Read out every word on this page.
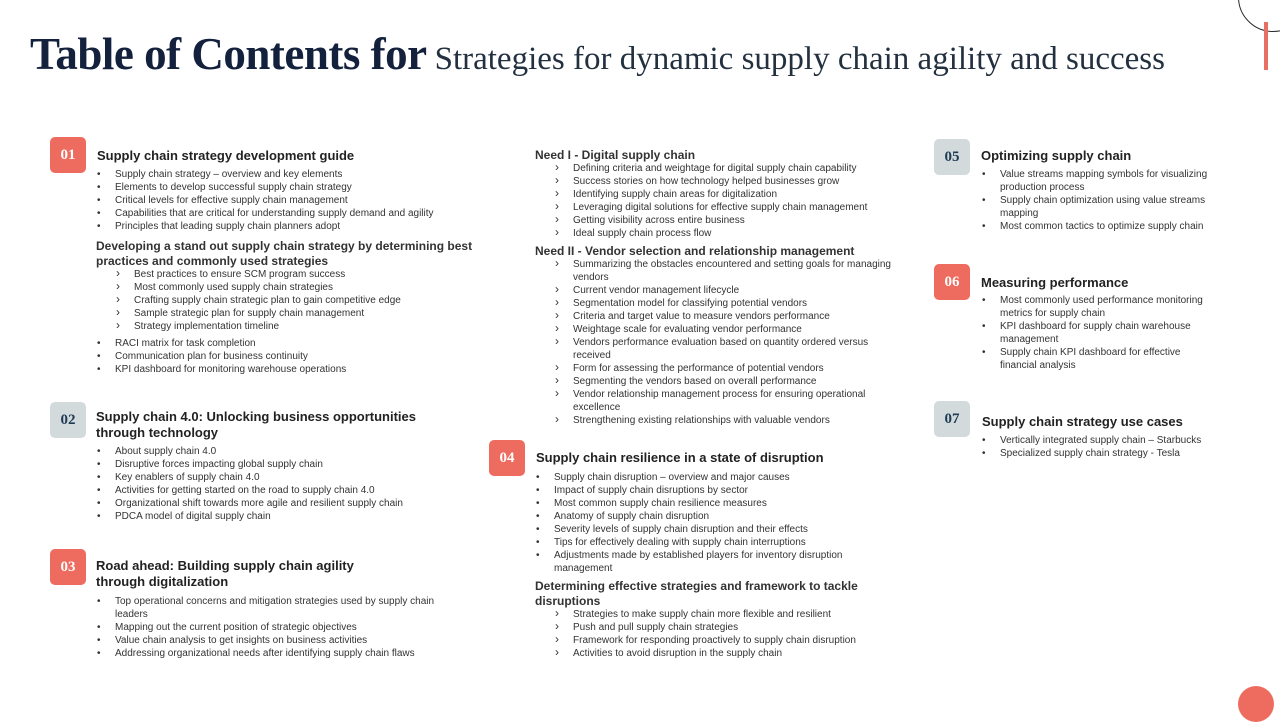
Table of Contents for Strategies for dynamic supply chain agility and success
01	Supply chain strategy development guide
• Supply chain strategy – overview and key elements
• Elements to develop successful supply chain strategy
• Critical levels for effective supply chain management
• Capabilities that are critical for understanding supply demand and agility
• Principles that leading supply chain planners adopt
Developing a stand out supply chain strategy by determining best practices and commonly used strategies
› Best practices to ensure SCM program success
› Most commonly used supply chain strategies
› Crafting supply chain strategic plan to gain competitive edge
› Sample strategic plan for supply chain management
› Strategy implementation timeline
• RACI matrix for task completion
• Communication plan for business continuity
• KPI dashboard for monitoring warehouse operations
02	Supply chain 4.0: Unlocking business opportunities through technology
• About supply chain 4.0
• Disruptive forces impacting global supply chain
• Key enablers of supply chain 4.0
• Activities for getting started on the road to supply chain 4.0
• Organizational shift towards more agile and resilient supply chain
• PDCA model of digital supply chain
03	Road ahead: Building supply chain agility through digitalization
• Top operational concerns and mitigation strategies used by supply chain leaders
• Mapping out the current position of strategic objectives
• Value chain analysis to get insights on business activities
• Addressing organizational needs after identifying supply chain flaws
Need I - Digital supply chain
› Defining criteria and weightage for digital supply chain capability
› Success stories on how technology helped businesses grow
› Identifying supply chain areas for digitalization
› Leveraging digital solutions for effective supply chain management
› Getting visibility across entire business
› Ideal supply chain process flow
Need II - Vendor selection and relationship management
› Summarizing the obstacles encountered and setting goals for managing vendors
› Current vendor management lifecycle
› Segmentation model for classifying potential vendors
› Criteria and target value to measure vendors performance
› Weightage scale for evaluating vendor performance
› Vendors performance evaluation based on quantity ordered versus received
› Form for assessing the performance of potential vendors
› Segmenting the vendors based on overall performance
› Vendor relationship management process for ensuring operational excellence
› Strengthening existing relationships with valuable vendors
04	Supply chain resilience in a state of disruption
• Supply chain disruption – overview and major causes
• Impact of supply chain disruptions by sector
• Most common supply chain resilience measures
• Anatomy of supply chain disruption
• Severity levels of supply chain disruption and their effects
• Tips for effectively dealing with supply chain interruptions
• Adjustments made by established players for inventory disruption management
Determining effective strategies and framework to tackle disruptions
› Strategies to make supply chain more flexible and resilient
› Push and pull supply chain strategies
› Framework for responding proactively to supply chain disruption
› Activities to avoid disruption in the supply chain
05	Optimizing supply chain
• Value streams mapping symbols for visualizing production process
• Supply chain optimization using value streams mapping
• Most common tactics to optimize supply chain
06	Measuring performance
• Most commonly used performance monitoring metrics for supply chain
• KPI dashboard for supply chain warehouse management
• Supply chain KPI dashboard for effective financial analysis
07	Supply chain strategy use cases
• Vertically integrated supply chain – Starbucks
• Specialized supply chain strategy - Tesla
